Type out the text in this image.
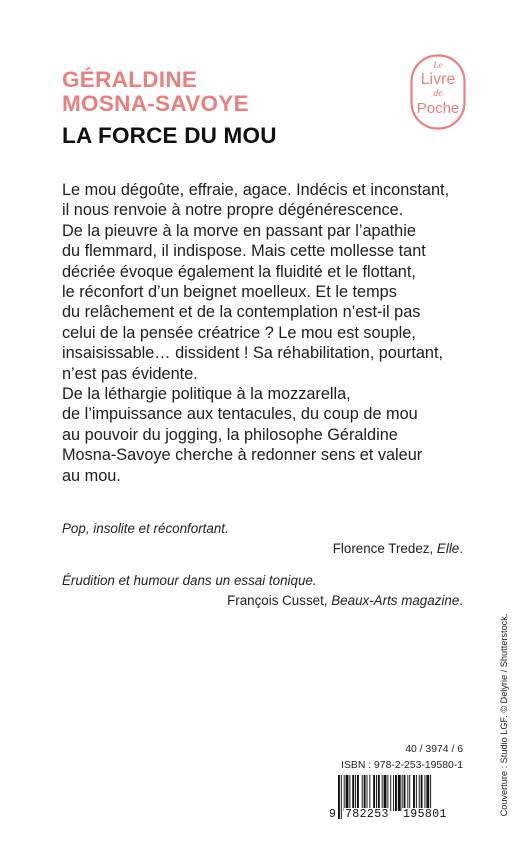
GÉRALDINE
MOSNA-SAVOYE
LA FORCE DU MOU
Le
Livre
de
Poche
Le mou dégoûte, effraie, agace. Indécis et inconstant,
il nous renvoie à notre propre dégénérescence.
De la pieuvre à la morve en passant par l’apathie
du flemmard, il indispose. Mais cette mollesse tant
décriée évoque également la fluidité et le flottant,
le réconfort d’un beignet moelleux. Et le temps
du relâchement et de la contemplation n’est-il pas
celui de la pensée créatrice ? Le mou est souple,
insaisissable… dissident ! Sa réhabilitation, pourtant,
n’est pas évidente.
De la léthargie politique à la mozzarella,
de l’impuissance aux tentacules, du coup de mou
au pouvoir du jogging, la philosophe Géraldine
Mosna-Savoye cherche à redonner sens et valeur
au mou.
Pop, insolite et réconfortant.
Florence Tredez, Elle.
Érudition et humour dans un essai tonique.
François Cusset, Beaux-Arts magazine.
Couverture : Studio LGF. © Delyrie / Shutterstock.
40 / 3974 / 6
ISBN : 978-2-253-19580-1
9 782253 195801
